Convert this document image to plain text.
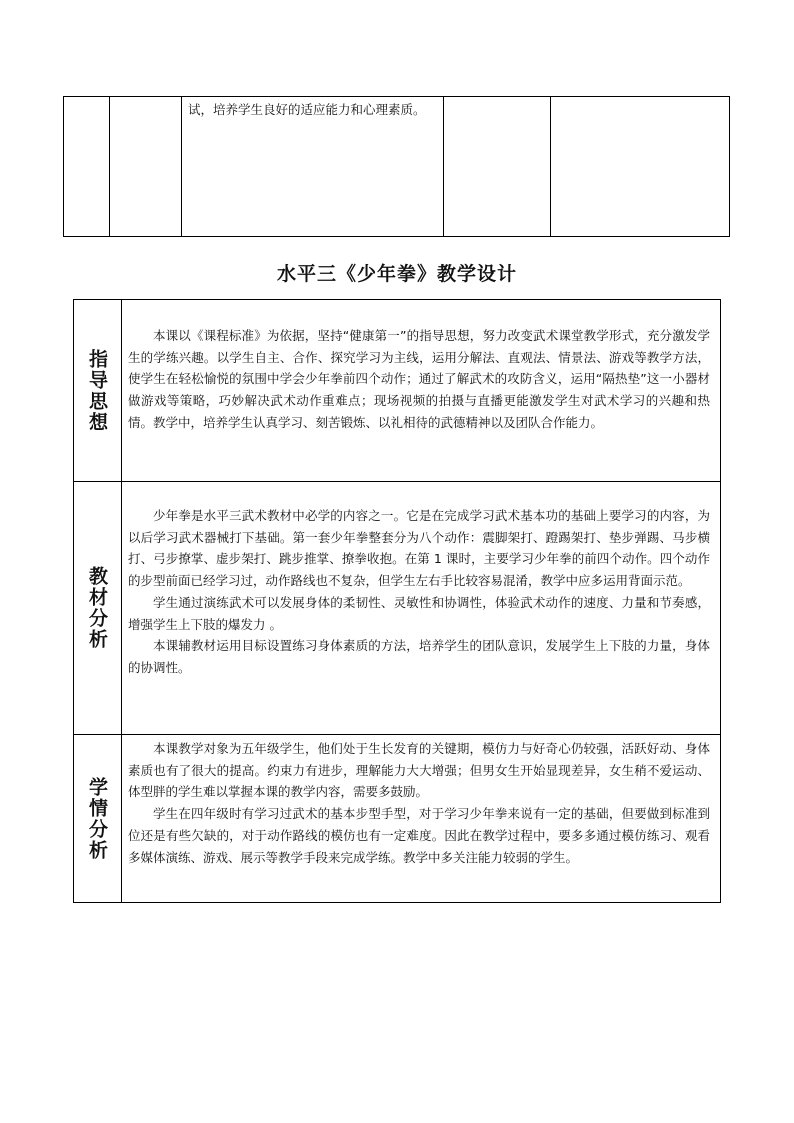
试，培养学生良好的适应能力和心理素质。
水平三《少年拳》教学设计
指导思想

本课以《课程标准》为依据，坚持“健康第一”的指导思想，努力改变武术课堂教学形式，充分激发学生的学练兴趣。以学生自主、合作、探究学习为主线，运用分解法、直观法、情景法、游戏等教学方法，使学生在轻松愉悦的氛围中学会少年拳前四个动作；通过了解武术的攻防含义，运用“隔热垫”这一小器材做游戏等策略，巧妙解决武术动作重难点；现场视频的拍摄与直播更能激发学生对武术学习的兴趣和热情。教学中，培养学生认真学习、刻苦锻炼、以礼相待的武德精神以及团队合作能力。

教材分析

少年拳是水平三武术教材中必学的内容之一。它是在完成学习武术基本功的基础上要学习的内容，为以后学习武术器械打下基础。第一套少年拳整套分为八个动作：震脚架打、蹬踢架打、垫步弹踢、马步横打、弓步撩掌、虚步架打、跳步推掌、撩拳收抱。在第 1 课时，主要学习少年拳的前四个动作。四个动作的步型前面已经学习过，动作路线也不复杂，但学生左右手比较容易混淆，教学中应多运用背面示范。

学生通过演练武术可以发展身体的柔韧性、灵敏性和协调性，体验武术动作的速度、力量和节奏感，增强学生上下肢的爆发力 。

本课辅教材运用目标设置练习身体素质的方法，培养学生的团队意识，发展学生上下肢的力量，身体的协调性。

学情分析

本课教学对象为五年级学生，他们处于生长发育的关键期，模仿力与好奇心仍较强，活跃好动、身体素质也有了很大的提高。约束力有进步，理解能力大大增强；但男女生开始显现差异，女生稍不爱运动、体型胖的学生难以掌握本课的教学内容，需要多鼓励。

学生在四年级时有学习过武术的基本步型手型，对于学习少年拳来说有一定的基础，但要做到标准到位还是有些欠缺的，对于动作路线的模仿也有一定难度。因此在教学过程中，要多多通过模仿练习、观看多媒体演练、游戏、展示等教学手段来完成学练。教学中多关注能力较弱的学生。
